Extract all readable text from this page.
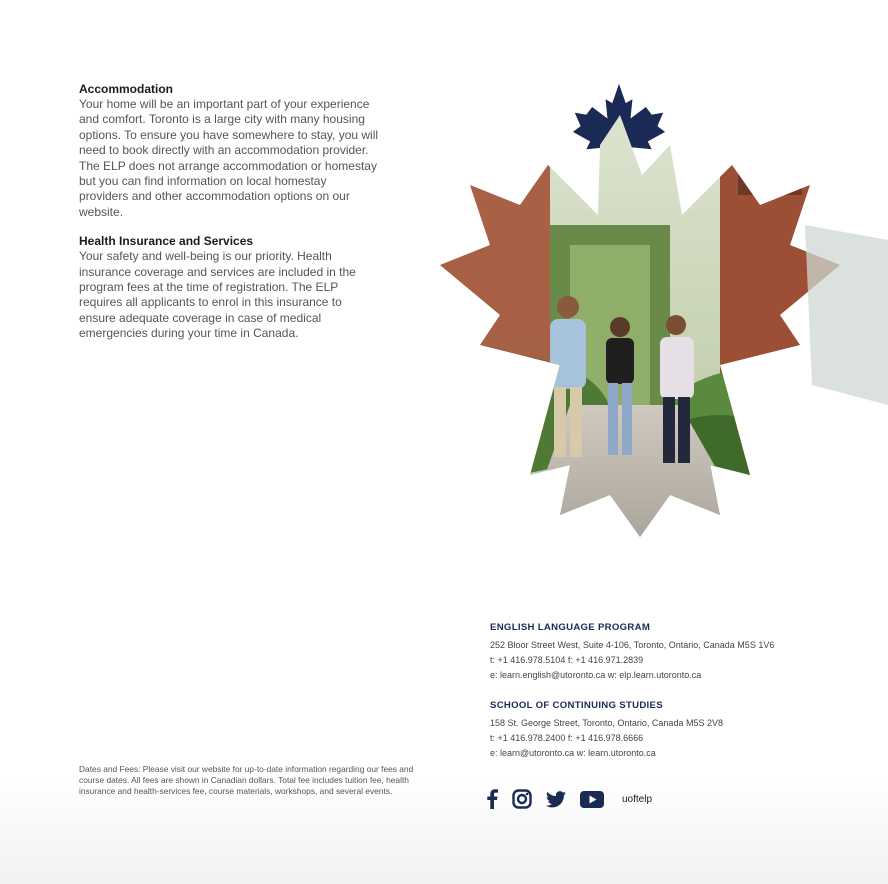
Accommodation

Your home will be an important part of your experience and comfort. Toronto is a large city with many housing options. To ensure you have somewhere to stay, you will need to book directly with an accommodation provider. The ELP does not arrange accommodation or homestay but you can find information on local homestay providers and other accommodation options on our website.

Health Insurance and Services

Your safety and well-being is our priority. Health insurance coverage and services are included in the program fees at the time of registration. The ELP requires all applicants to enrol in this insurance to ensure adequate coverage in case of medical emergencies during your time in Canada.

ENGLISH LANGUAGE PROGRAM
252 Bloor Street West, Suite 4-106, Toronto, Ontario, Canada M5S 1V6
t: +1 416.978.5104 f: +1 416.971.2839
e: learn.english@utoronto.ca w: elp.learn.utoronto.ca
SCHOOL OF CONTINUING STUDIES
158 St. George Street, Toronto, Ontario, Canada M5S 2V8
t: +1 416.978.2400 f: +1 416.978.6666
e: learn@utoronto.ca w: learn.utoronto.ca
uoftelp
Dates and Fees: Please visit our website for up-to-date information regarding our fees and course dates. All fees are shown in Canadian dollars. Total fee includes tuition fee, health insurance and health-services fee, course materials, workshops, and several events.
